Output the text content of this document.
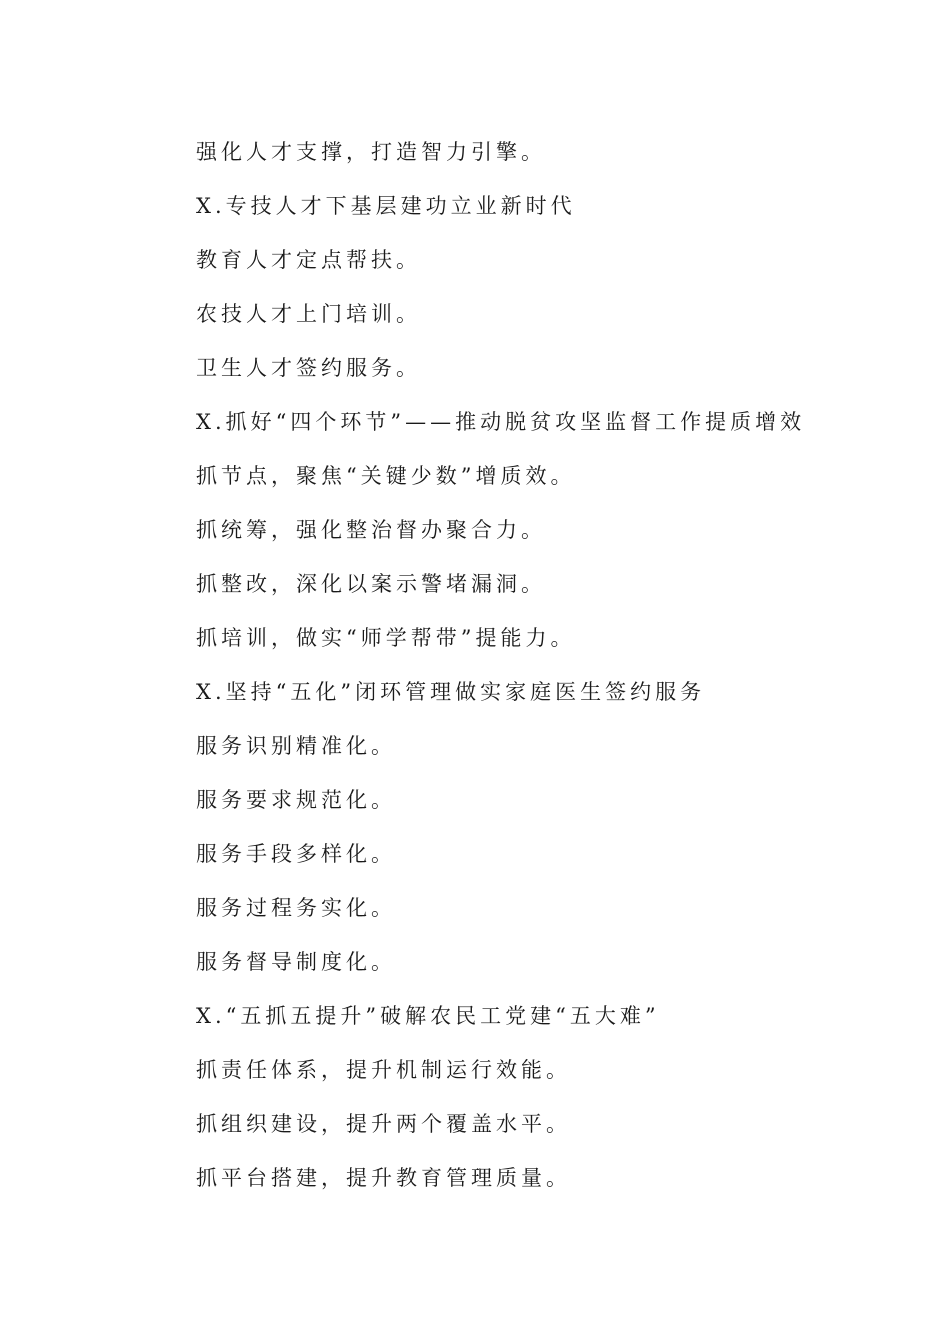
强化人才支撑，打造智力引擎。
X.专技人才下基层建功立业新时代
教育人才定点帮扶。
农技人才上门培训。
卫生人才签约服务。
X.抓好“四个环节”——推动脱贫攻坚监督工作提质增效
抓节点，聚焦“关键少数”增质效。
抓统筹，强化整治督办聚合力。
抓整改，深化以案示警堵漏洞。
抓培训，做实“师学帮带”提能力。
X.坚持“五化”闭环管理做实家庭医生签约服务
服务识别精准化。
服务要求规范化。
服务手段多样化。
服务过程务实化。
服务督导制度化。
X.“五抓五提升”破解农民工党建“五大难”
抓责任体系，提升机制运行效能。
抓组织建设，提升两个覆盖水平。
抓平台搭建，提升教育管理质量。
